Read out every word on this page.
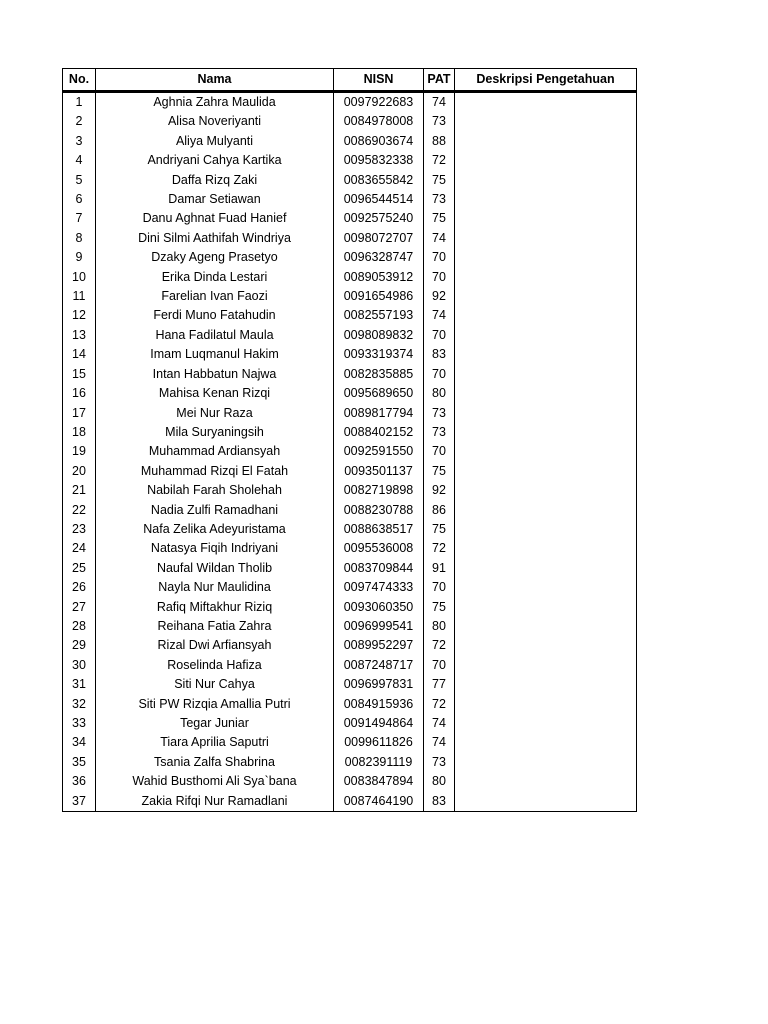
No.	Nama	NISN	PAT	Deskripsi Pengetahuan
1	Aghnia Zahra Maulida	0097922683	74	
2	Alisa Noveriyanti	0084978008	73	
3	Aliya Mulyanti	0086903674	88	
4	Andriyani Cahya Kartika	0095832338	72	
5	Daffa Rizq Zaki	0083655842	75	
6	Damar Setiawan	0096544514	73	
7	Danu Aghnat Fuad Hanief	0092575240	75	
8	Dini Silmi Aathifah Windriya	0098072707	74	
9	Dzaky Ageng Prasetyo	0096328747	70	
10	Erika Dinda Lestari	0089053912	70	
11	Farelian Ivan Faozi	0091654986	92	
12	Ferdi Muno Fatahudin	0082557193	74	
13	Hana Fadilatul Maula	0098089832	70	
14	Imam Luqmanul Hakim	0093319374	83	
15	Intan Habbatun Najwa	0082835885	70	
16	Mahisa Kenan Rizqi	0095689650	80	
17	Mei Nur Raza	0089817794	73	
18	Mila Suryaningsih	0088402152	73	
19	Muhammad Ardiansyah	0092591550	70	
20	Muhammad Rizqi El Fatah	0093501137	75	
21	Nabilah Farah Sholehah	0082719898	92	
22	Nadia Zulfi Ramadhani	0088230788	86	
23	Nafa Zelika Adeyuristama	0088638517	75	
24	Natasya Fiqih Indriyani	0095536008	72	
25	Naufal Wildan Tholib	0083709844	91	
26	Nayla Nur Maulidina	0097474333	70	
27	Rafiq Miftakhur Riziq	0093060350	75	
28	Reihana Fatia Zahra	0096999541	80	
29	Rizal Dwi Arfiansyah	0089952297	72	
30	Roselinda Hafiza	0087248717	70	
31	Siti Nur Cahya	0096997831	77	
32	Siti PW Rizqia Amallia Putri	0084915936	72	
33	Tegar Juniar	0091494864	74	
34	Tiara Aprilia Saputri	0099611826	74	
35	Tsania Zalfa Shabrina	0082391119	73	
36	Wahid Busthomi Ali Sya`bana	0083847894	80	
37	Zakia Rifqi Nur Ramadlani	0087464190	83	
